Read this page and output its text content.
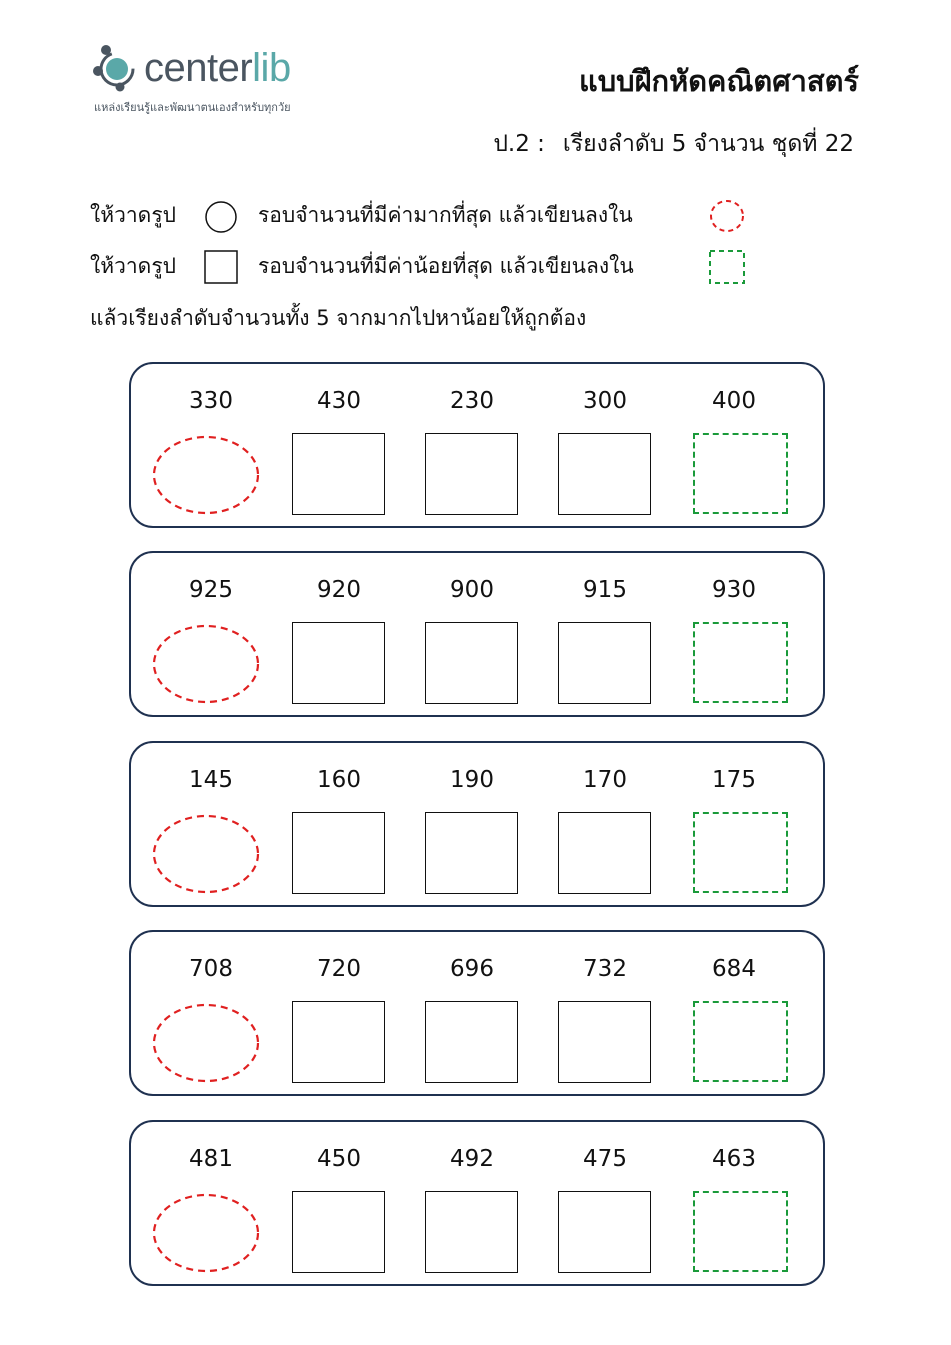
centerlib
แหล่งเรียนรู้และพัฒนาตนเองสำหรับทุกวัย
แบบฝึกหัดคณิตศาสตร์
ป.2 : เรียงลำดับ 5 จำนวน ชุดที่ 22
ให้วาดรูป	รอบจำนวนที่มีค่ามากที่สุด แล้วเขียนลงใน
ให้วาดรูป	รอบจำนวนที่มีค่าน้อยที่สุด แล้วเขียนลงใน
แล้วเรียงลำดับจำนวนทั้ง 5 จากมากไปหาน้อยให้ถูกต้อง
330	430	230	300	400
925	920	900	915	930
145	160	190	170	175
708	720	696	732	684
481	450	492	475	463
